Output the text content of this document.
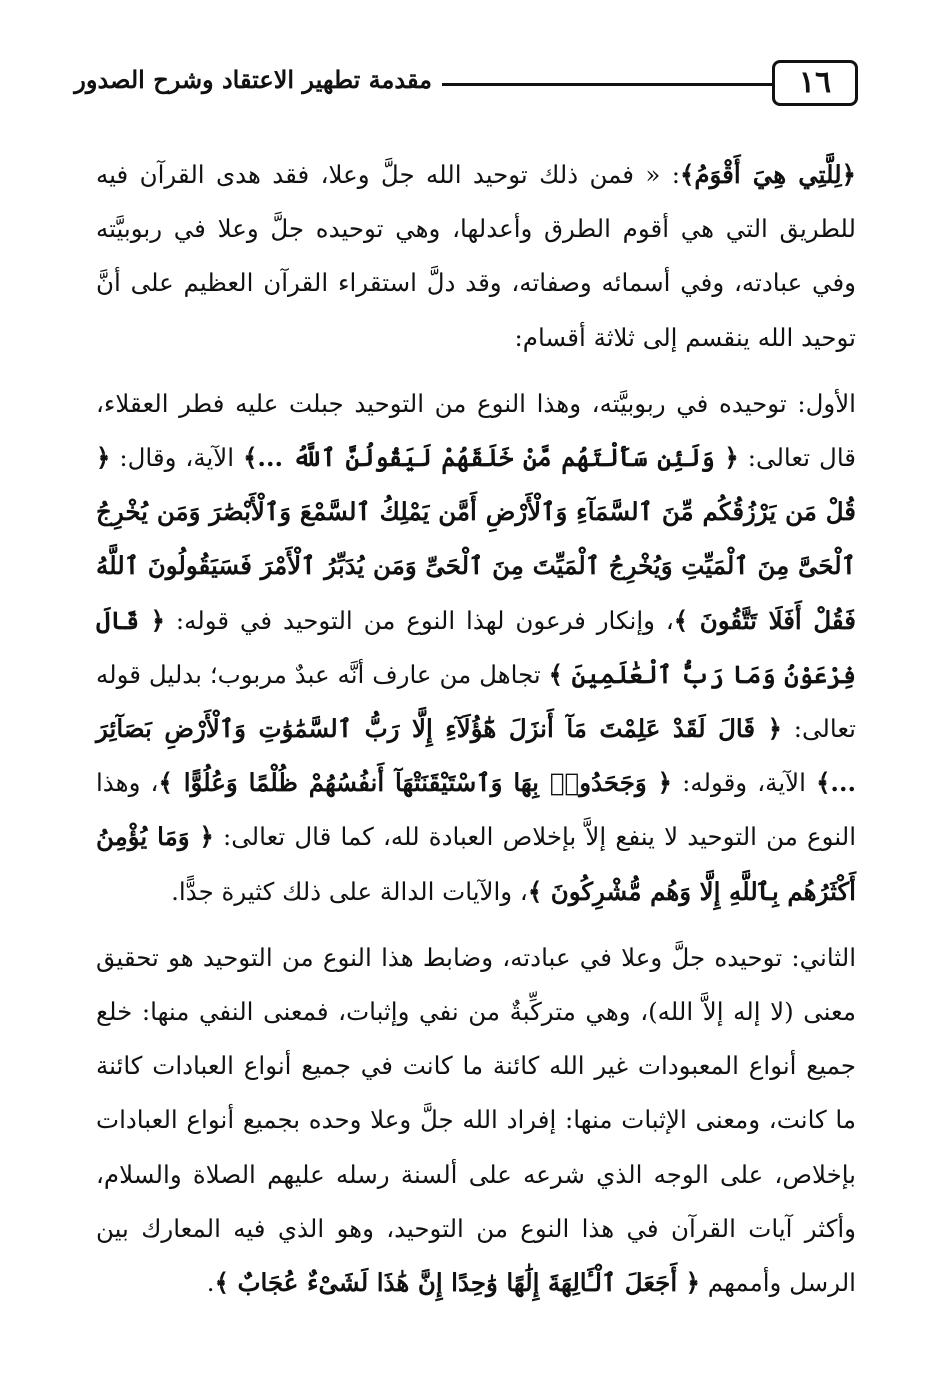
١٦
مقدمة تطهير الاعتقاد وشرح الصدور

﴿لِلَّتِي هِيَ أَقْوَمُ﴾: « فمن ذلك توحيد الله جلَّ وعلا، فقد هدى القرآن فيه للطريق التي هي أقوم الطرق وأعدلها، وهي توحيده جلَّ وعلا في ربوبيَّته وفي عبادته، وفي أسمائه وصفاته، وقد دلَّ استقراء القرآن العظيم على أنَّ توحيد الله ينقسم إلى ثلاثة أقسام:

الأول: توحيده في ربوبيَّته، وهذا النوع من التوحيد جبلت عليه فطر العقلاء، قال تعالى: ﴿ وَلَئِن سَأَلْتَهُم مَّنْ خَلَقَهُمْ لَيَقُولُنَّ ٱللَّهُ ...﴾ الآية، وقال: ﴿ قُلْ مَن يَرْزُقُكُم مِّنَ ٱلسَّمَآءِ وَٱلْأَرْضِ أَمَّن يَمْلِكُ ٱلسَّمْعَ وَٱلْأَبْصَٰرَ وَمَن يُخْرِجُ ٱلْحَىَّ مِنَ ٱلْمَيِّتِ وَيُخْرِجُ ٱلْمَيِّتَ مِنَ ٱلْحَىِّ وَمَن يُدَبِّرُ ٱلْأَمْرَ فَسَيَقُولُونَ ٱللَّهُ فَقُلْ أَفَلَا تَتَّقُونَ ﴾، وإنكار فرعون لهذا النوع من التوحيد في قوله: ﴿ قَالَ فِرْعَوْنُ وَمَا رَبُّ ٱلْعَٰلَمِينَ ﴾ تجاهل من عارف أنَّه عبدٌ مربوب؛ بدليل قوله تعالى: ﴿ قَالَ لَقَدْ عَلِمْتَ مَآ أَنزَلَ هَٰٓؤُلَآءِ إِلَّا رَبُّ ٱلسَّمَٰوَٰتِ وَٱلْأَرْضِ بَصَآئِرَ ...﴾ الآية، وقوله: ﴿ وَجَحَدُوا۟ بِهَا وَٱسْتَيْقَنَتْهَآ أَنفُسُهُمْ ظُلْمًا وَعُلُوًّا ﴾، وهذا النوع من التوحيد لا ينفع إلاَّ بإخلاص العبادة لله، كما قال تعالى: ﴿ وَمَا يُؤْمِنُ أَكْثَرُهُم بِٱللَّهِ إِلَّا وَهُم مُّشْرِكُونَ ﴾، والآيات الدالة على ذلك كثيرة جدًّا.

الثاني: توحيده جلَّ وعلا في عبادته، وضابط هذا النوع من التوحيد هو تحقيق معنى (لا إله إلاَّ الله)، وهي متركِّبةٌ من نفي وإثبات، فمعنى النفي منها: خلع جميع أنواع المعبودات غير الله كائنة ما كانت في جميع أنواع العبادات كائنة ما كانت، ومعنى الإثبات منها: إفراد الله جلَّ وعلا وحده بجميع أنواع العبادات بإخلاص، على الوجه الذي شرعه على ألسنة رسله عليهم الصلاة والسلام، وأكثر آيات القرآن في هذا النوع من التوحيد، وهو الذي فيه المعارك بين الرسل وأممهم ﴿ أَجَعَلَ ٱلْـَٔالِهَةَ إِلَٰهًا وَٰحِدًا إِنَّ هَٰذَا لَشَىْءٌ عُجَابٌ ﴾.
